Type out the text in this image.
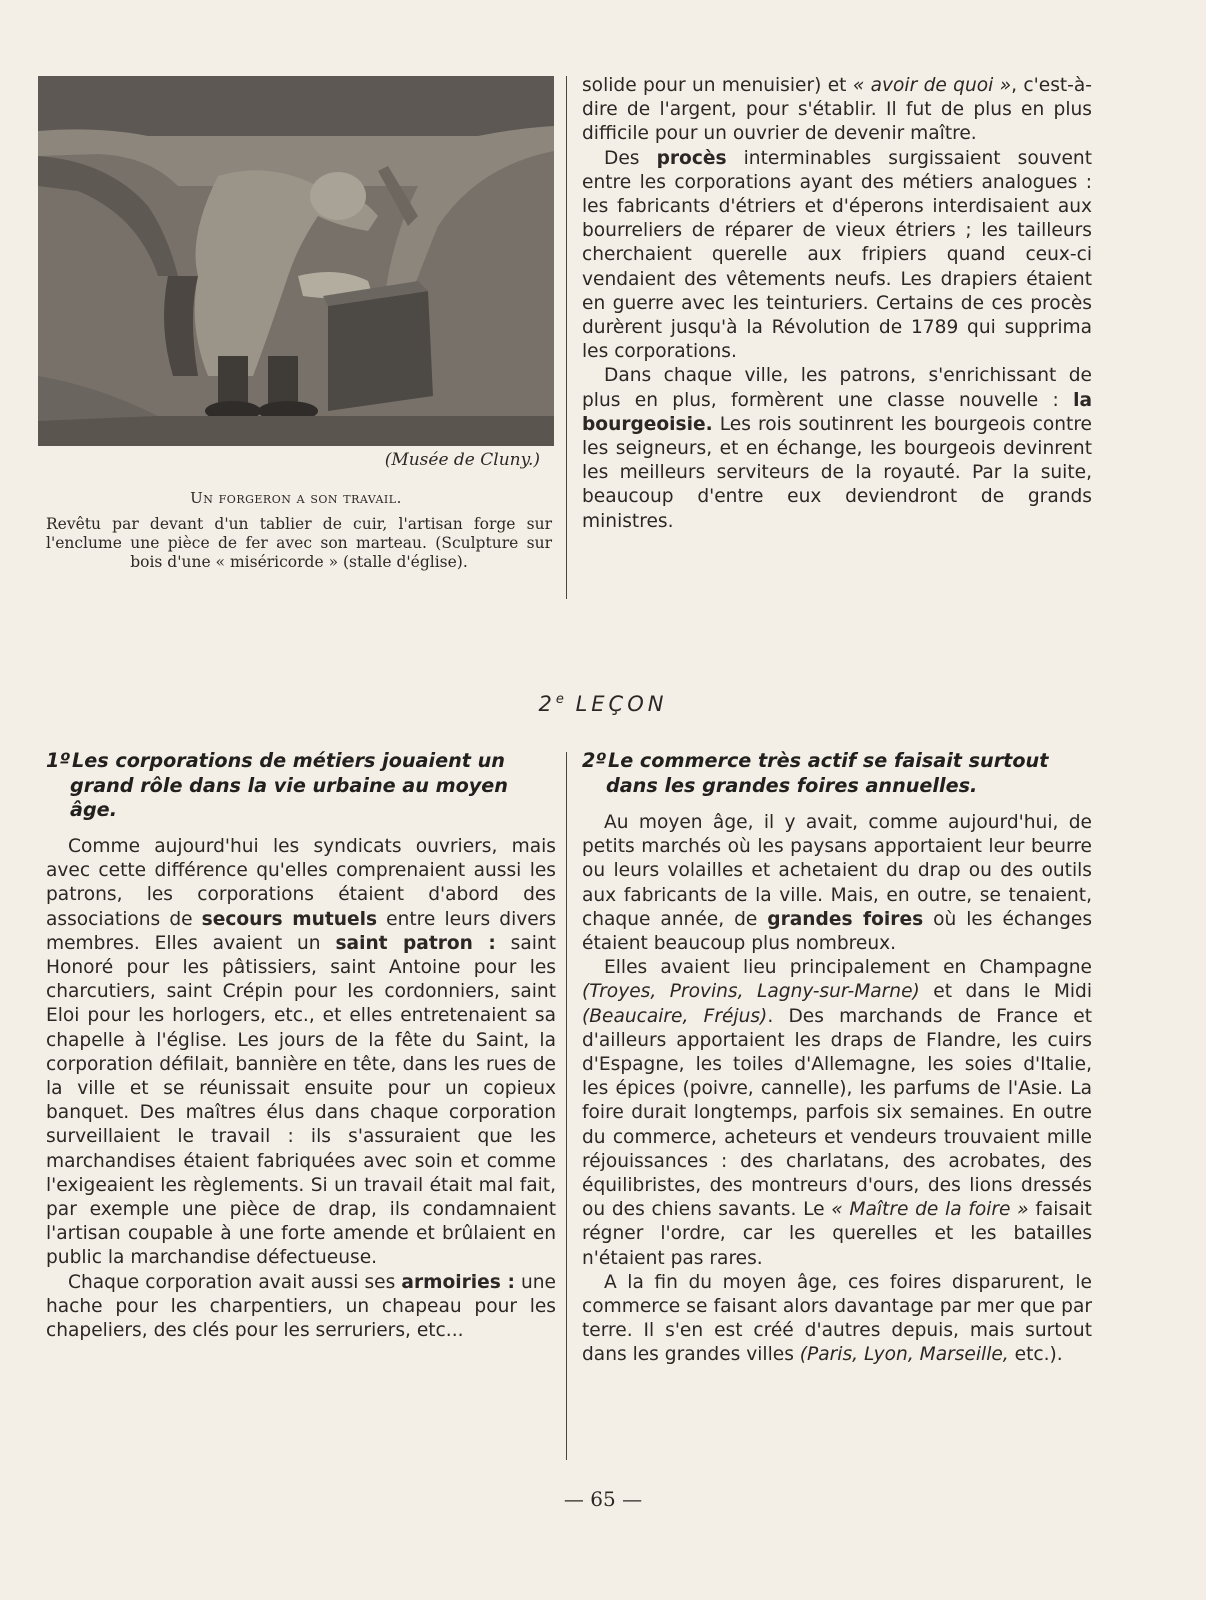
(Musée de Cluny.)
Un forgeron a son travail.
Revêtu par devant d'un tablier de cuir, l'artisan forge sur l'enclume une pièce de fer avec son marteau. (Sculpture sur bois d'une « miséricorde » (stalle d'église).

solide pour un menuisier) et « avoir de quoi », c'est-à-dire de l'argent, pour s'établir. Il fut de plus en plus difficile pour un ouvrier de devenir maître.

Des procès interminables surgissaient souvent entre les corporations ayant des métiers analogues : les fabricants d'étriers et d'éperons interdisaient aux bourreliers de réparer de vieux étriers ; les tailleurs cherchaient querelle aux fripiers quand ceux-ci vendaient des vêtements neufs. Les drapiers étaient en guerre avec les teinturiers. Certains de ces procès durèrent jusqu'à la Révolution de 1789 qui supprima les corporations.

Dans chaque ville, les patrons, s'enrichissant de plus en plus, formèrent une classe nouvelle : la bourgeoisie. Les rois soutinrent les bourgeois contre les seigneurs, et en échange, les bourgeois devinrent les meilleurs serviteurs de la royauté. Par la suite, beaucoup d'entre eux deviendront de grands ministres.

2e LEÇON
1ºLes corporations de métiers jouaient un
grand rôle dans la vie urbaine au moyen âge.

Comme aujourd'hui les syndicats ouvriers, mais avec cette différence qu'elles comprenaient aussi les patrons, les corporations étaient d'abord des associations de secours mutuels entre leurs divers membres. Elles avaient un saint patron : saint Honoré pour les pâtissiers, saint Antoine pour les charcutiers, saint Crépin pour les cordonniers, saint Eloi pour les horlogers, etc., et elles entretenaient sa chapelle à l'église. Les jours de la fête du Saint, la corporation défilait, bannière en tête, dans les rues de la ville et se réunissait ensuite pour un copieux banquet. Des maîtres élus dans chaque corporation surveillaient le travail : ils s'assuraient que les marchandises étaient fabriquées avec soin et comme l'exigeaient les règlements. Si un travail était mal fait, par exemple une pièce de drap, ils condamnaient l'artisan coupable à une forte amende et brûlaient en public la marchandise défectueuse.

Chaque corporation avait aussi ses armoiries : une hache pour les charpentiers, un chapeau pour les chapeliers, des clés pour les serruriers, etc...

2ºLe commerce très actif se faisait surtout
dans les grandes foires annuelles.

Au moyen âge, il y avait, comme aujourd'hui, de petits marchés où les paysans apportaient leur beurre ou leurs volailles et achetaient du drap ou des outils aux fabricants de la ville. Mais, en outre, se tenaient, chaque année, de grandes foires où les échanges étaient beaucoup plus nombreux.

Elles avaient lieu principalement en Champagne (Troyes, Provins, Lagny-sur-Marne) et dans le Midi (Beaucaire, Fréjus). Des marchands de France et d'ailleurs apportaient les draps de Flandre, les cuirs d'Espagne, les toiles d'Allemagne, les soies d'Italie, les épices (poivre, cannelle), les parfums de l'Asie. La foire durait longtemps, parfois six semaines. En outre du commerce, acheteurs et vendeurs trouvaient mille réjouissances : des charlatans, des acrobates, des équilibristes, des montreurs d'ours, des lions dressés ou des chiens savants. Le « Maître de la foire » faisait régner l'ordre, car les querelles et les batailles n'étaient pas rares.

A la fin du moyen âge, ces foires disparurent, le commerce se faisant alors davantage par mer que par terre. Il s'en est créé d'autres depuis, mais surtout dans les grandes villes (Paris, Lyon, Marseille, etc.).

— 65 —
